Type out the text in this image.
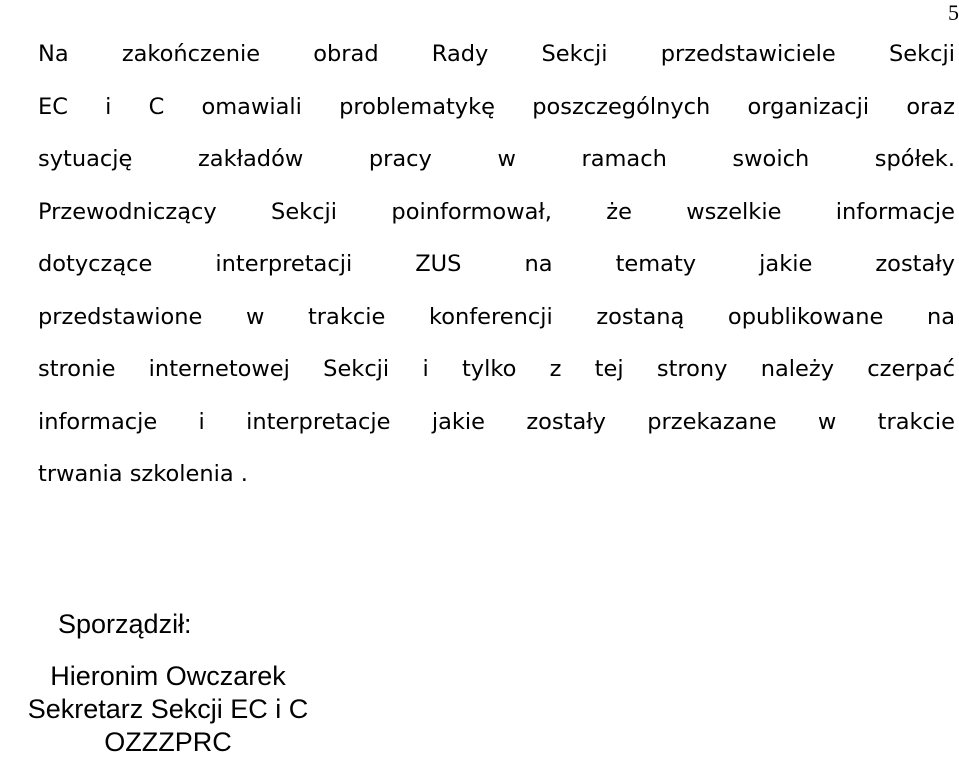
5
Na zakończenie obrad Rady Sekcji przedstawiciele Sekcji
EC i C omawiali problematykę poszczególnych organizacji oraz
sytuację zakładów pracy w ramach swoich spółek.
Przewodniczący Sekcji poinformował, że wszelkie informacje
dotyczące interpretacji ZUS na tematy jakie zostały
przedstawione w trakcie konferencji zostaną opublikowane na
stronie internetowej Sekcji i tylko z tej strony należy czerpać
informacje i interpretacje jakie zostały przekazane w trakcie
trwania szkolenia .
Sporządził:
Hieronim Owczarek
Sekretarz Sekcji EC i C
OZZZPRC
